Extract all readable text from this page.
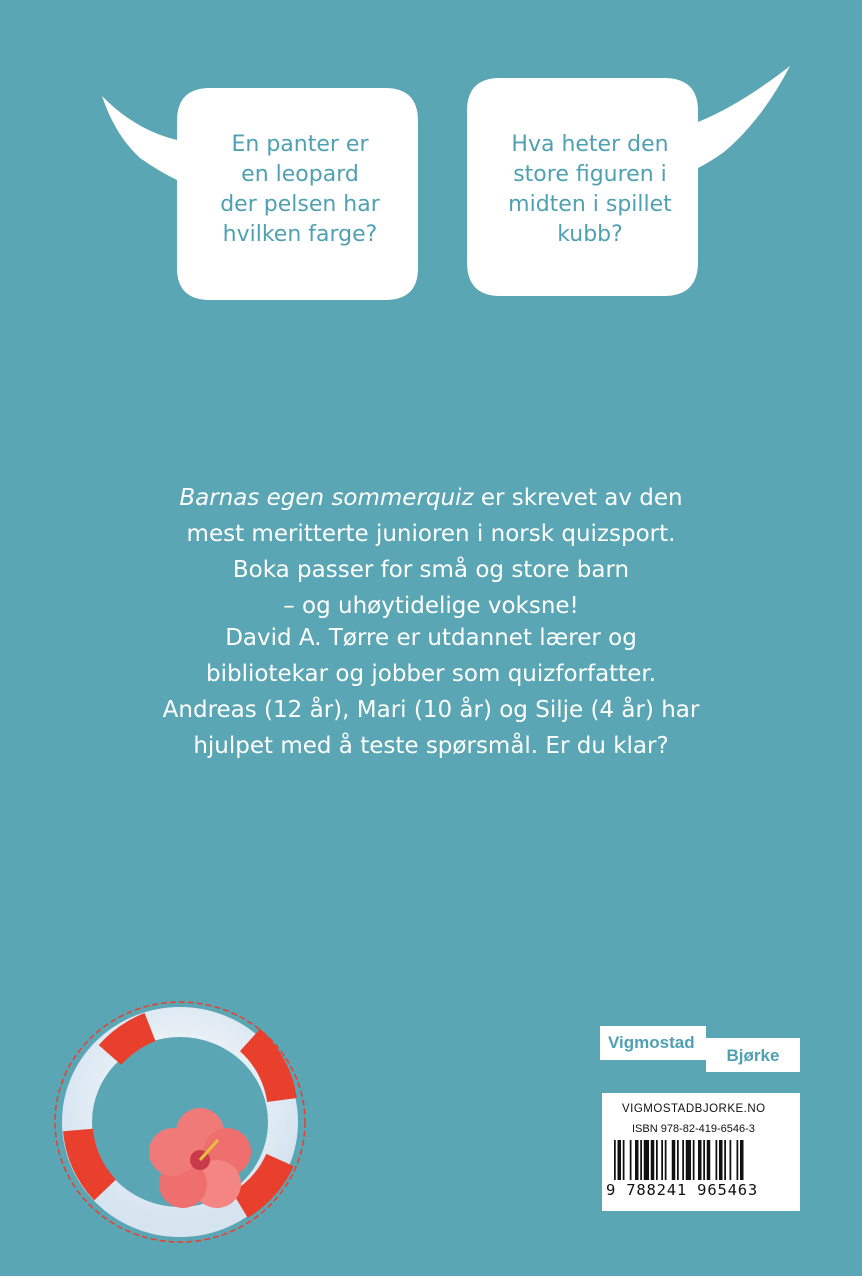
En panter er
en leopard
der pelsen har
hvilken farge?
Hva heter den
store figuren i
midten i spillet
kubb?
Barnas egen sommerquiz er skrevet av den
mest meritterte junioren i norsk quizsport.
Boka passer for små og store barn
– og uhøytidelige voksne!
David A. Tørre er utdannet lærer og
bibliotekar og jobber som quizforfatter.
Andreas (12 år), Mari (10 år) og Silje (4 år) har
hjulpet med å teste spørsmål. Er du klar?
Vigmostad
Bjørke
VIGMOSTADBJORKE.NO
ISBN 978-82-419-6546-3
9 788241 965463
